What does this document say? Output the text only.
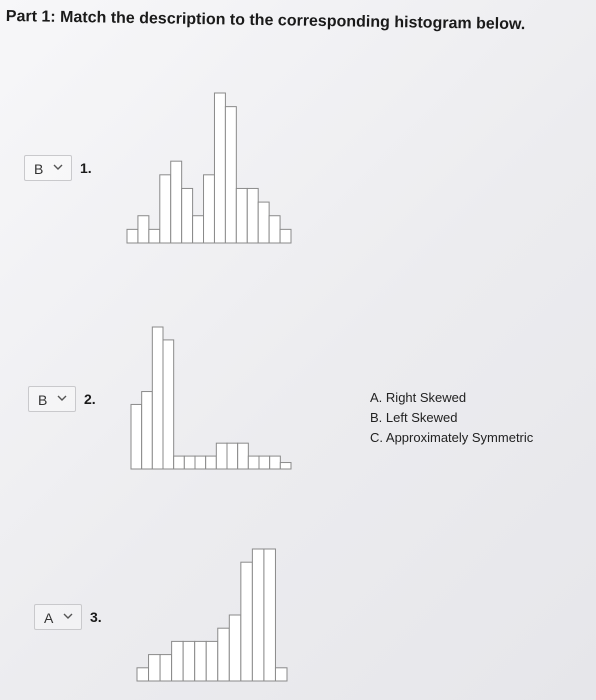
Part 1: Match the description to the corresponding histogram below.
B	1.
B	2.
A	3.
A. Right Skewed
B. Left Skewed
C. Approximately Symmetric
